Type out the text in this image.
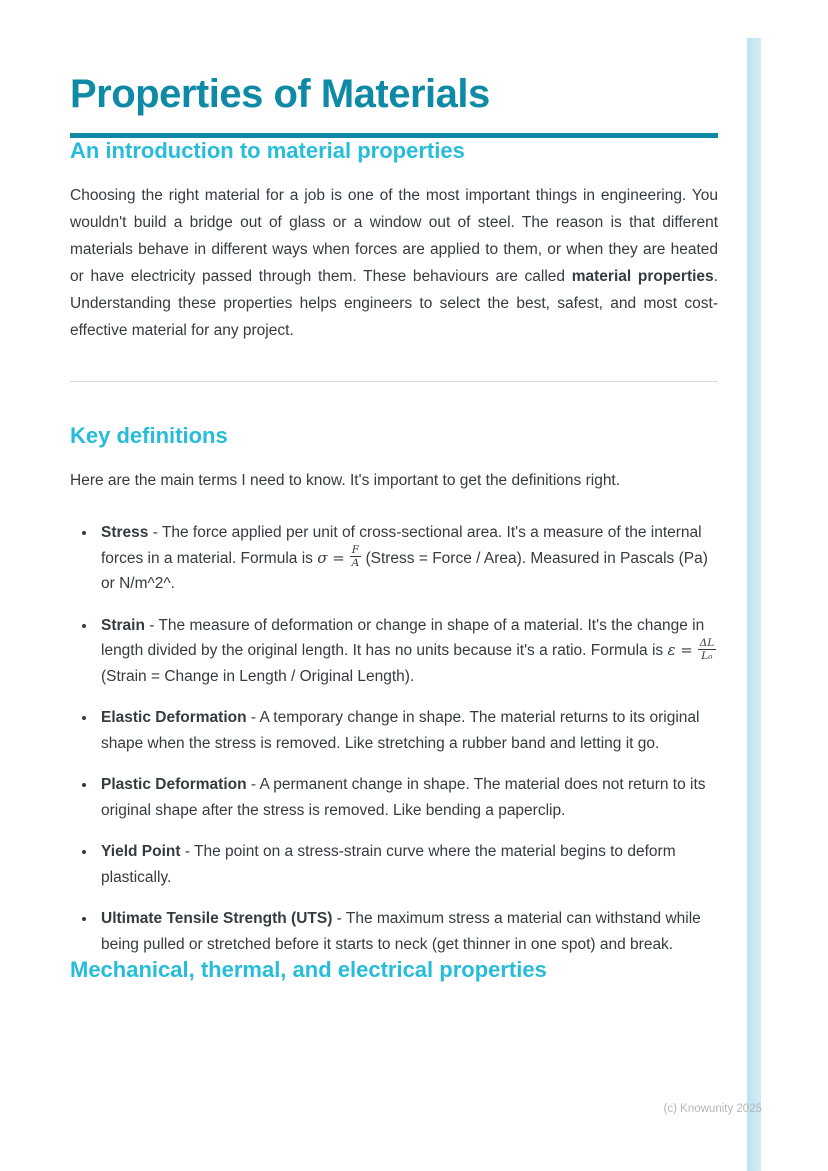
Properties of Materials
An introduction to material properties

Choosing the right material for a job is one of the most important things in engineering. You wouldn't build a bridge out of glass or a window out of steel. The reason is that different materials behave in different ways when forces are applied to them, or when they are heated or have electricity passed through them. These behaviours are called material properties. Understanding these properties helps engineers to select the best, safest, and most cost-effective material for any project.

Key definitions

Here are the main terms I need to know. It's important to get the definitions right.

• Stress - The force applied per unit of cross-sectional area. It's a measure of the internal forces in a material. Formula is $\sigma = \frac{F}{A}$ (Stress = Force / Area). Measured in Pascals (Pa) or N/m^2^.
• Strain - The measure of deformation or change in shape of a material. It's the change in length divided by the original length. It has no units because it's a ratio. Formula is $\varepsilon = \frac{\Delta L}{\text{L₀}}$
(Strain = Change in Length / Original Length).
• Elastic Deformation - A temporary change in shape. The material returns to its original shape when the stress is removed. Like stretching a rubber band and letting it go.
• Plastic Deformation - A permanent change in shape. The material does not return to its original shape after the stress is removed. Like bending a paperclip.
• Yield Point - The point on a stress-strain curve where the material begins to deform plastically.
• Ultimate Tensile Strength (UTS) - The maximum stress a material can withstand while being pulled or stretched before it starts to neck (get thinner in one spot) and break.
Mechanical, thermal, and electrical properties
(c) Knowunity 2025
